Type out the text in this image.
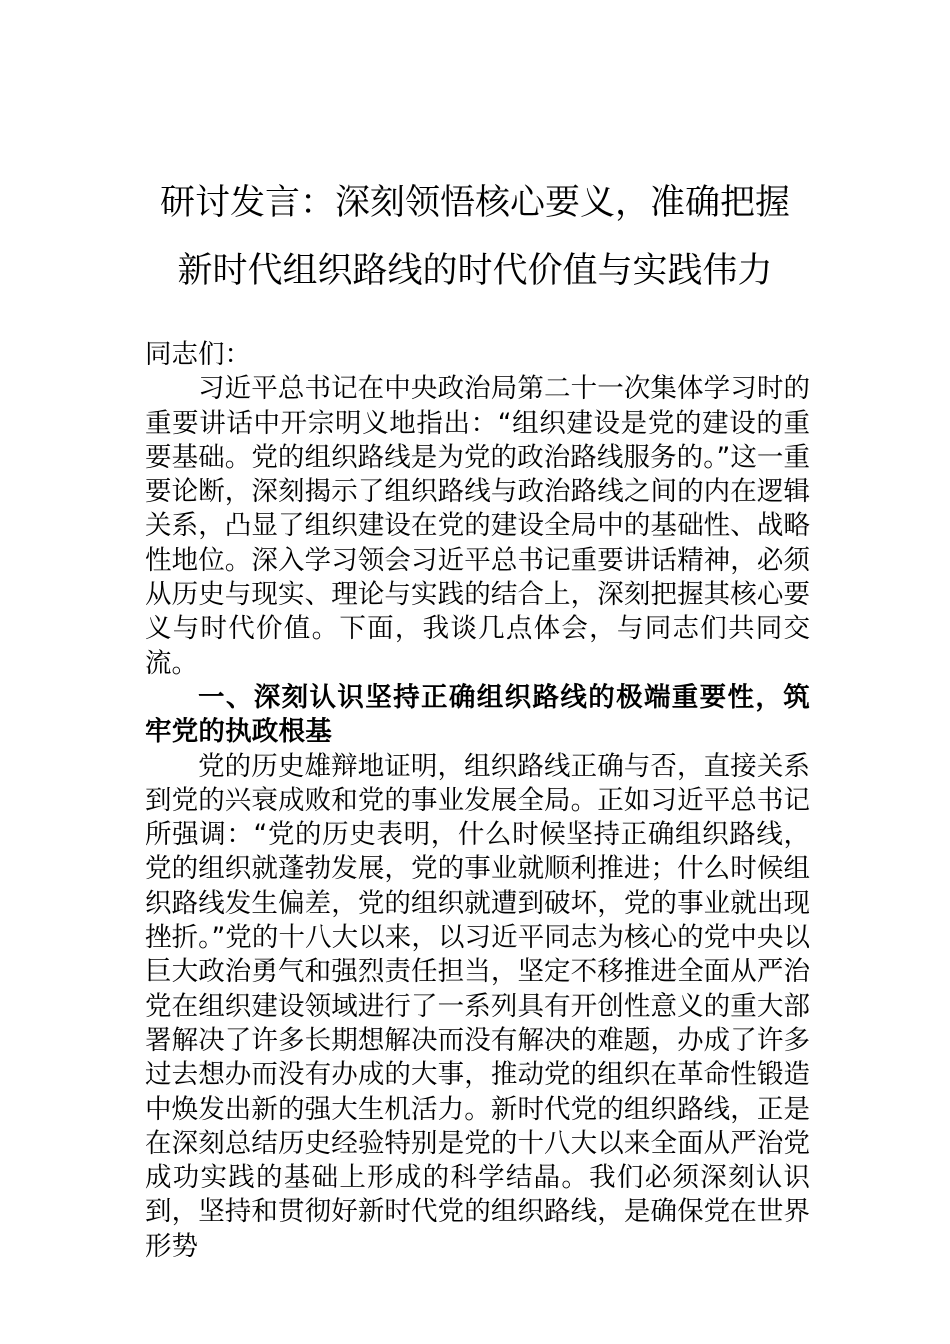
研讨发言：深刻领悟核心要义，准确把握
新时代组织路线的时代价值与实践伟力

同志们：

习近平总书记在中央政治局第二十一次集体学习时的重要讲话中开宗明义地指出：“组织建设是党的建设的重要基础。党的组织路线是为党的政治路线服务的。”这一重要论断，深刻揭示了组织路线与政治路线之间的内在逻辑关系，凸显了组织建设在党的建设全局中的基础性、战略性地位。深入学习领会习近平总书记重要讲话精神，必须从历史与现实、理论与实践的结合上，深刻把握其核心要义与时代价值。下面，我谈几点体会，与同志们共同交流。

一、深刻认识坚持正确组织路线的极端重要性，筑牢党的执政根基

党的历史雄辩地证明，组织路线正确与否，直接关系到党的兴衰成败和党的事业发展全局。正如习近平总书记所强调：“党的历史表明，什么时候坚持正确组织路线，党的组织就蓬勃发展，党的事业就顺利推进；什么时候组织路线发生偏差，党的组织就遭到破坏，党的事业就出现挫折。”党的十八大以来，以习近平同志为核心的党中央以巨大政治勇气和强烈责任担当，坚定不移推进全面从严治党在组织建设领域进行了一系列具有开创性意义的重大部署解决了许多长期想解决而没有解决的难题，办成了许多过去想办而没有办成的大事，推动党的组织在革命性锻造中焕发出新的强大生机活力。新时代党的组织路线，正是在深刻总结历史经验特别是党的十八大以来全面从严治党成功实践的基础上形成的科学结晶。我们必须深刻认识到，坚持和贯彻好新时代党的组织路线，是确保党在世界形势
